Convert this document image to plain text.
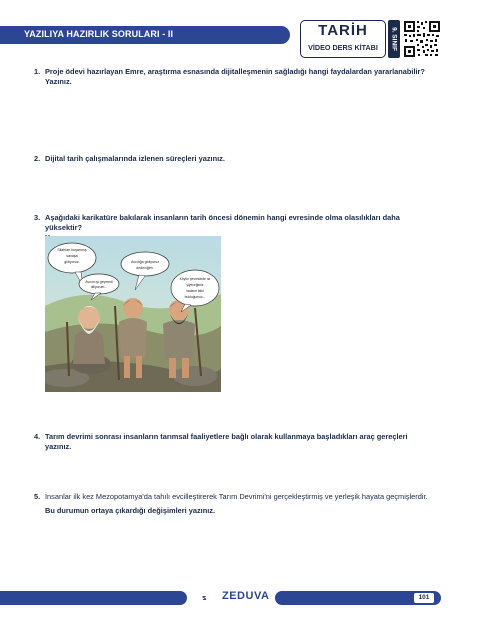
YAZILIYA HAZIRLIK SORULARI - II	TARİH
VİDEO DERS KİTABI	9. SINIF
1. Proje ödevi hazırlayan Emre, araştırma esnasında dijitalleşmenin sağladığı hangi faydalardan yararlanabilir?
Yazınız.
2. Dijital tarih çalışmalarında izlenen süreçleri yazınız.
3. Aşağıdaki karikatüre bakılarak insanların tarih öncesi dönemin hangi evresinde olma olasılıkları daha yüksektir?
Silahları kuşanmış
savaşa
gidiyoruz.	Avcılığa gidiyoruz
dedeciğim.
Avcım iyi geçmedi
diliyorum...
Köyün çevresinde ne
yiyeceğimiz
sadece bitki
bulduğumuz...
4. Tarım devrimi sonrası insanların tarımsal faaliyetlere bağlı olarak kullanmaya başladıkları araç gereçleri yazınız.
5. İnsanlar ilk kez Mezopotamya'da tahılı evcilleştirerek Tarım Devrimi'ni gerçekleştirmiş ve yerleşik hayata geçmişlerdir.
Bu durumun ortaya çıkardığı değişimleri yazınız.
ZEDUVA	101
